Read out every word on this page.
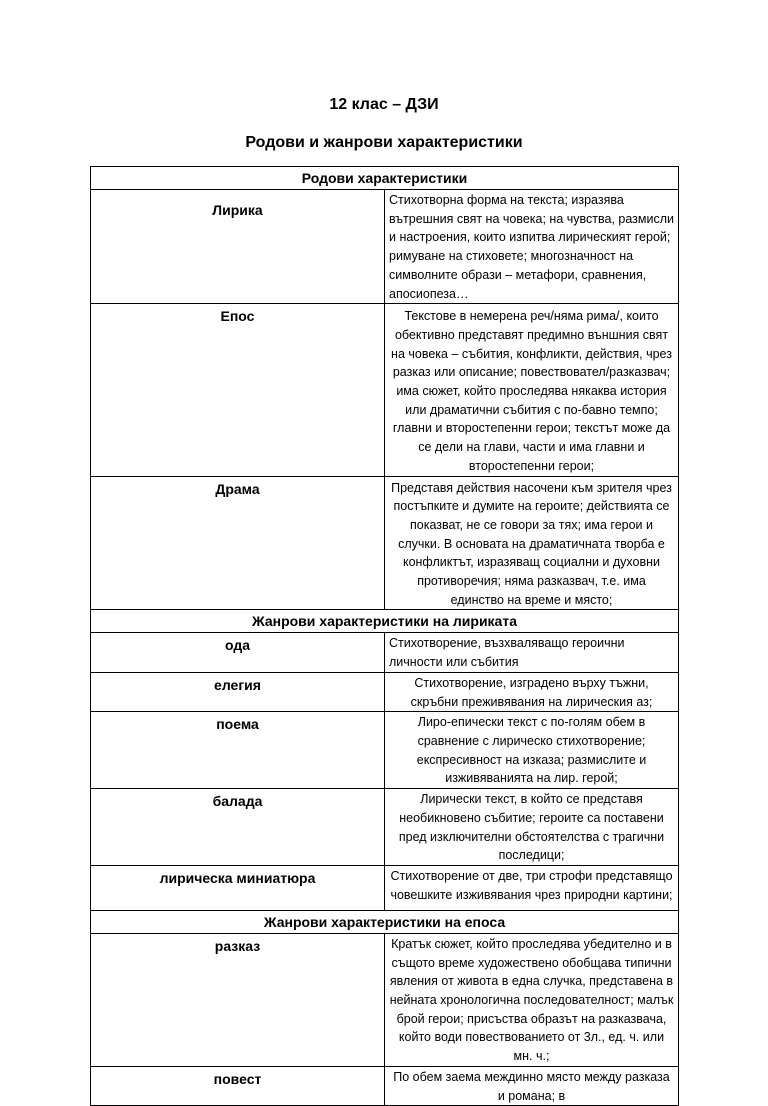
12 клас – ДЗИ

Родови и жанрови характеристики

Родови характеристики	
Лирика	Стихотворна форма на текста; изразява вътрешния свят на човека; на чувства, размисли и настроения, които изпитва лирическият герой; римуване на стиховете; многозначност на символните образи – метафори, сравнения, апосиопеза…
Епос	Текстове в немерена реч/няма рима/, които обективно представят предимно външния свят на човека – събития, конфликти, действия, чрез разказ или описание; повествовател/разказвач; има сюжет, който проследява някаква история или драматични събития с по-бавно темпо; главни и второстепенни герои; текстът може да се дели на глави, части и има главни и второстепенни герои;
Драма	Представя действия насочени към зрителя чрез постъпките и думите на героите; действията се показват, не се говори за тях; има герои и случки. В основата на драматичната творба е конфликтът, изразяващ социални и духовни противоречия; няма разказвач, т.е. има единство на време и място;
Жанрови характеристики на лириката	
ода	Стихотворение, възхваляващо героични личности или събития
елегия	Стихотворение, изградено върху тъжни, скръбни преживявания на лирическия аз;
поема	Лиро-епически текст с по-голям обем в сравнение с лирическо стихотворение; експресивност на изказа; размислите и изживяванията на лир. герой;
балада	Лирически текст, в който се представя необикновено събитие; героите са поставени пред изключителни обстоятелства с трагични последици;
лирическа миниатюра	Стихотворение от две, три строфи представящо човешките изживявания чрез природни картини;
Жанрови характеристики на епоса	
разказ	Кратък сюжет, който проследява убедително и в същото време художествено обобщава типични явления от живота в една случка, представена в нейната хронологична последователност; малък брой герои; присъства образът на разказвача, който води повествованието от 3л., ед. ч. или мн. ч.;
повест	По обем заема междинно място между разказа и романа; в
